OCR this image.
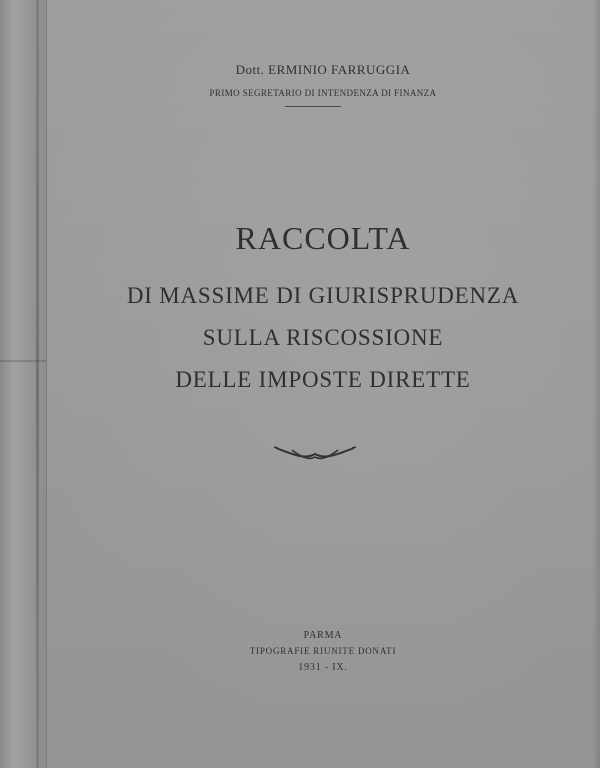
Dott. ERMINIO FARRUGGIA
PRIMO SEGRETARIO DI INTENDENZA DI FINANZA
RACCOLTA
DI MASSIME DI GIURISPRUDENZA
SULLA RISCOSSIONE
DELLE IMPOSTE DIRETTE
PARMA
TIPOGRAFIE RIUNITE DONATI
1931 - IX.
